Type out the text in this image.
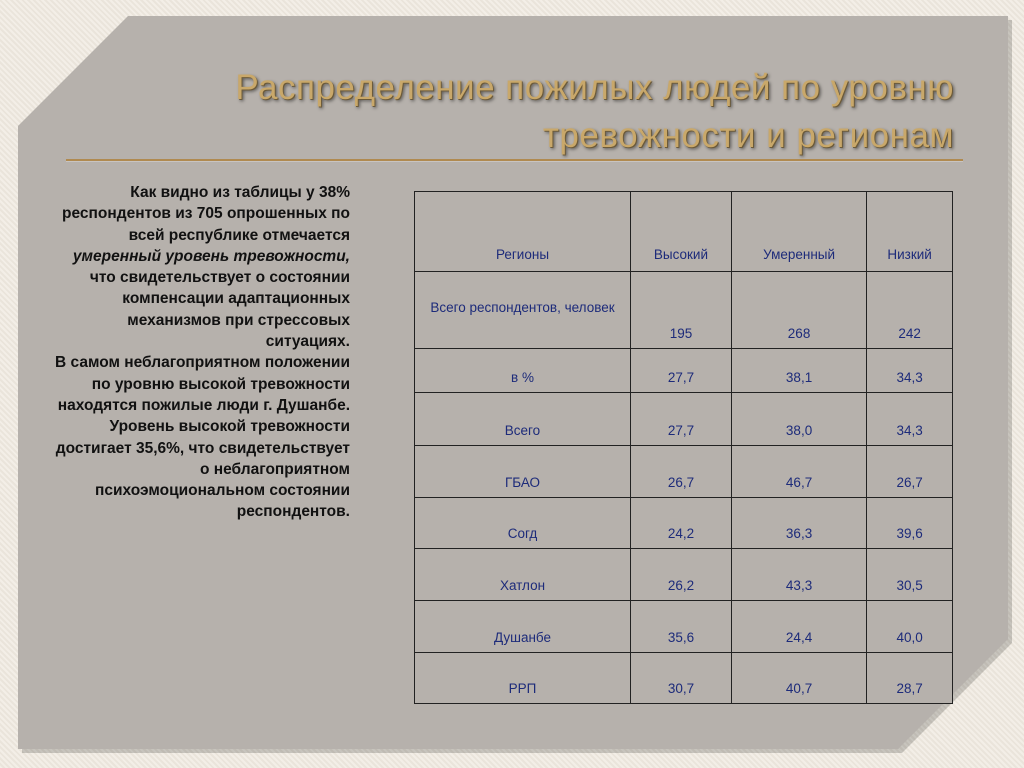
Распределение пожилых людей по уровню
тревожности и регионам
Как видно из таблицы у 38% респондентов из 705 опрошенных по всей республике отмечается умеренный уровень тревожности, что свидетельствует о состоянии компенсации адаптационных механизмов при стрессовых ситуациях.
В самом неблагоприятном положении по уровню высокой тревожности находятся пожилые люди г. Душанбе. Уровень высокой тревожности достигает 35,6%, что свидетельствует о неблагоприятном психоэмоциональном состоянии респондентов.
Регионы	Высокий	Умеренный	Низкий
Всего респондентов, человек	195	268	242
в %	27,7	38,1	34,3
Всего	27,7	38,0	34,3
ГБАО	26,7	46,7	26,7
Согд	24,2	36,3	39,6
Хатлон	26,2	43,3	30,5
Душанбе	35,6	24,4	40,0
РРП	30,7	40,7	28,7
